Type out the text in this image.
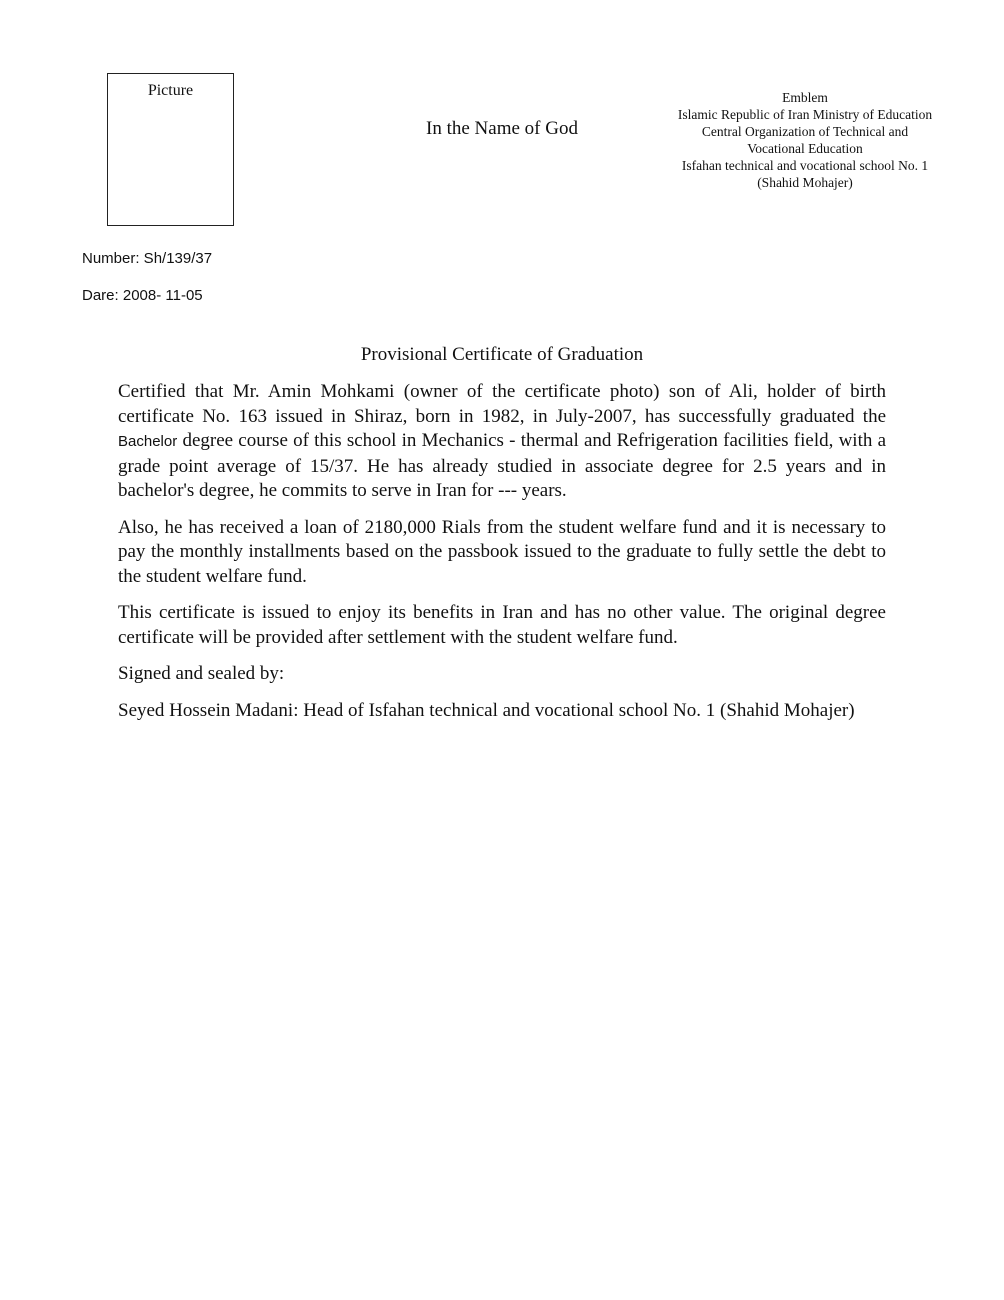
Picture
In the Name of God
Emblem
Islamic Republic of Iran Ministry of Education
Central Organization of Technical and
Vocational Education
Isfahan technical and vocational school No. 1
(Shahid Mohajer)
Number: Sh/139/37
Dare: 2008- 11-05
Provisional Certificate of Graduation

Certified that Mr. Amin Mohkami (owner of the certificate photo) son of Ali, holder of birth certificate No. 163 issued in Shiraz, born in 1982, in July-2007, has successfully graduated the Bachelor degree course of this school in Mechanics - thermal and Refrigeration facilities field, with a grade point average of 15/37. He has already studied in associate degree for 2.5 years and in bachelor's degree, he commits to serve in Iran for --- years.

Also, he has received a loan of 2180,000 Rials from the student welfare fund and it is necessary to pay the monthly installments based on the passbook issued to the graduate to fully settle the debt to the student welfare fund.

This certificate is issued to enjoy its benefits in Iran and has no other value. The original degree certificate will be provided after settlement with the student welfare fund.

Signed and sealed by:

Seyed Hossein Madani: Head of Isfahan technical and vocational school No. 1 (Shahid Mohajer)
